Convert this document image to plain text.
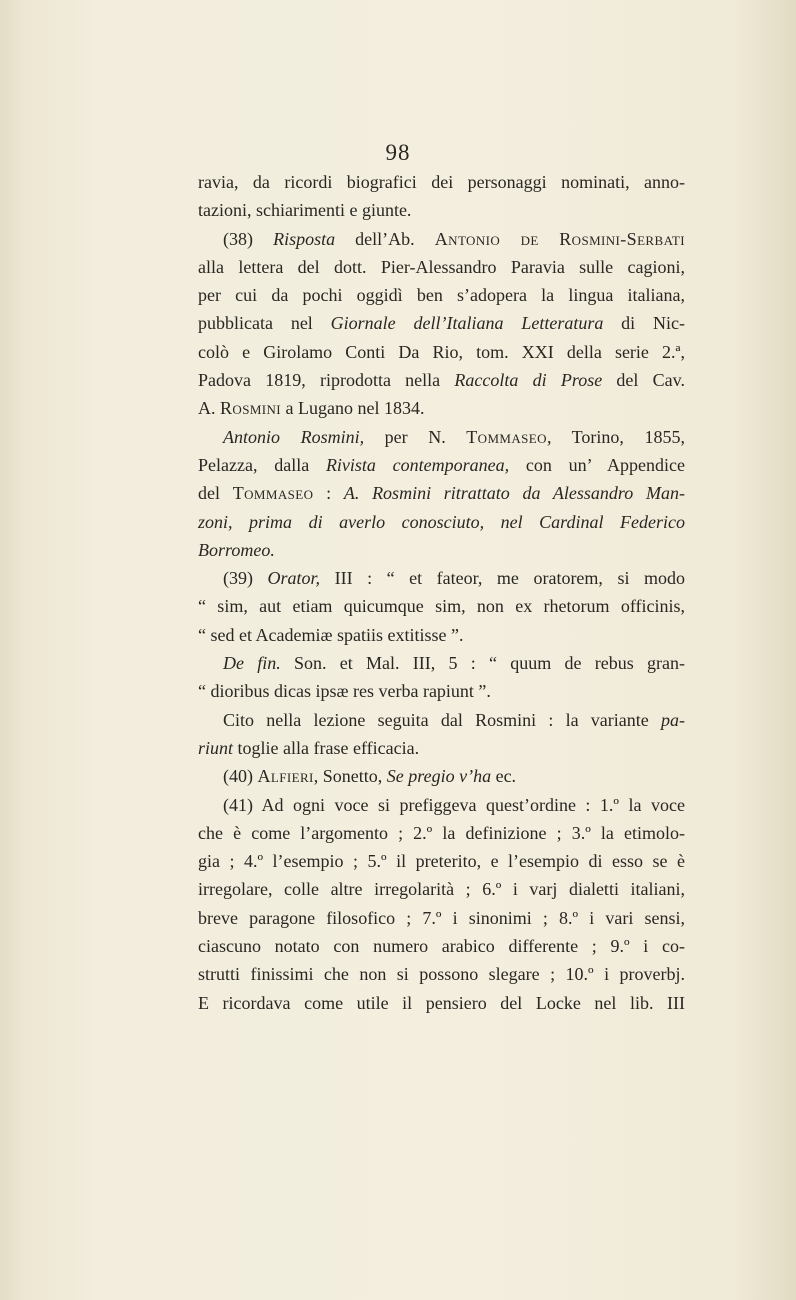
98
ravia, da ricordi biografici dei personaggi nominati, anno-
tazioni, schiarimenti e giunte.
(38) Risposta dell’Ab. Antonio de Rosmini-Serbati
alla lettera del dott. Pier-Alessandro Paravia sulle cagioni,
per cui da pochi oggidì ben s’adopera la lingua italiana,
pubblicata nel Giornale dell’Italiana Letteratura di Nic-
colò e Girolamo Conti Da Rio, tom. XXI della serie 2.ª,
Padova 1819, riprodotta nella Raccolta di Prose del Cav.
A. Rosmini a Lugano nel 1834.
Antonio Rosmini, per N. Tommaseo, Torino, 1855,
Pelazza, dalla Rivista contemporanea, con un’ Appendice
del Tommaseo : A. Rosmini ritrattato da Alessandro Man-
zoni, prima di averlo conosciuto, nel Cardinal Federico
Borromeo.
(39) Orator, III : “ et fateor, me oratorem, si modo
“ sim, aut etiam quicumque sim, non ex rhetorum officinis,
“ sed et Academiæ spatiis extitisse ”.
De fin. Son. et Mal. III, 5 : “ quum de rebus gran-
“ dioribus dicas ipsæ res verba rapiunt ”.
Cito nella lezione seguita dal Rosmini : la variante pa-
riunt toglie alla frase efficacia.
(40) Alfieri, Sonetto, Se pregio v’ha ec.
(41) Ad ogni voce si prefiggeva quest’ordine : 1.º la voce
che è come l’argomento ; 2.º la definizione ; 3.º la etimolo-
gia ; 4.º l’esempio ; 5.º il preterito, e l’esempio di esso se è
irregolare, colle altre irregolarità ; 6.º i varj dialetti italiani,
breve paragone filosofico ; 7.º i sinonimi ; 8.º i vari sensi,
ciascuno notato con numero arabico differente ; 9.º i co-
strutti finissimi che non si possono slegare ; 10.º i proverbj.
E ricordava come utile il pensiero del Locke nel lib. III
